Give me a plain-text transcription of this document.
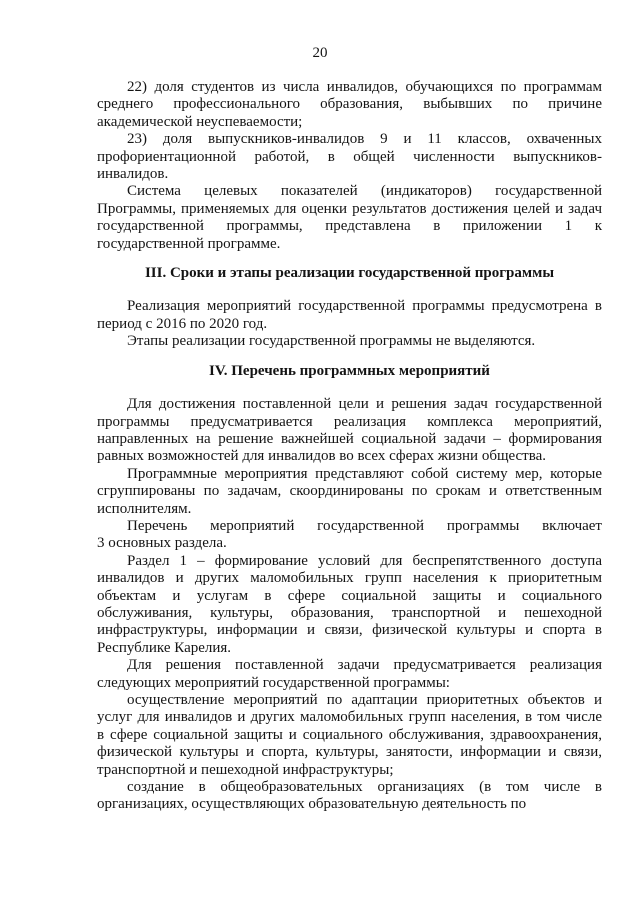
20

22) доля студентов из числа инвалидов, обучающихся по программам
среднего профессионального образования, выбывших по причине
академической неуспеваемости;

23) доля выпускников-инвалидов 9 и 11 классов, охваченных
профориентационной работой, в общей численности выпускников-
инвалидов.

Система целевых показателей (индикаторов) государственной
Программы, применяемых для оценки результатов достижения целей и задач
государственной программы, представлена в приложении 1 к
государственной программе.

III. Сроки и этапы реализации государственной программы

Реализация мероприятий государственной программы предусмотрена в
период с 2016 по 2020 год.

Этапы реализации государственной программы не выделяются.

IV. Перечень программных мероприятий

Для достижения поставленной цели и решения задач государственной
программы предусматривается реализация комплекса мероприятий,
направленных на решение важнейшей социальной задачи – формирования
равных возможностей для инвалидов во всех сферах жизни общества.

Программные мероприятия представляют собой систему мер, которые
сгруппированы по задачам, скоординированы по срокам и ответственным
исполнителям.

Перечень мероприятий государственной программы включает
3 основных раздела.

Раздел 1 – формирование условий для беспрепятственного доступа
инвалидов и других маломобильных групп населения к приоритетным
объектам и услугам в сфере социальной защиты и социального
обслуживания, культуры, образования, транспортной и пешеходной
инфраструктуры, информации и связи, физической культуры и спорта в
Республике Карелия.

Для решения поставленной задачи предусматривается реализация
следующих мероприятий государственной программы:

осуществление мероприятий по адаптации приоритетных объектов и
услуг для инвалидов и других маломобильных групп населения, в том числе
в сфере социальной защиты и социального обслуживания, здравоохранения,
физической культуры и спорта, культуры, занятости, информации и связи,
транспортной и пешеходной инфраструктуры;

создание в общеобразовательных организациях (в том числе в
организациях, осуществляющих образовательную деятельность по
